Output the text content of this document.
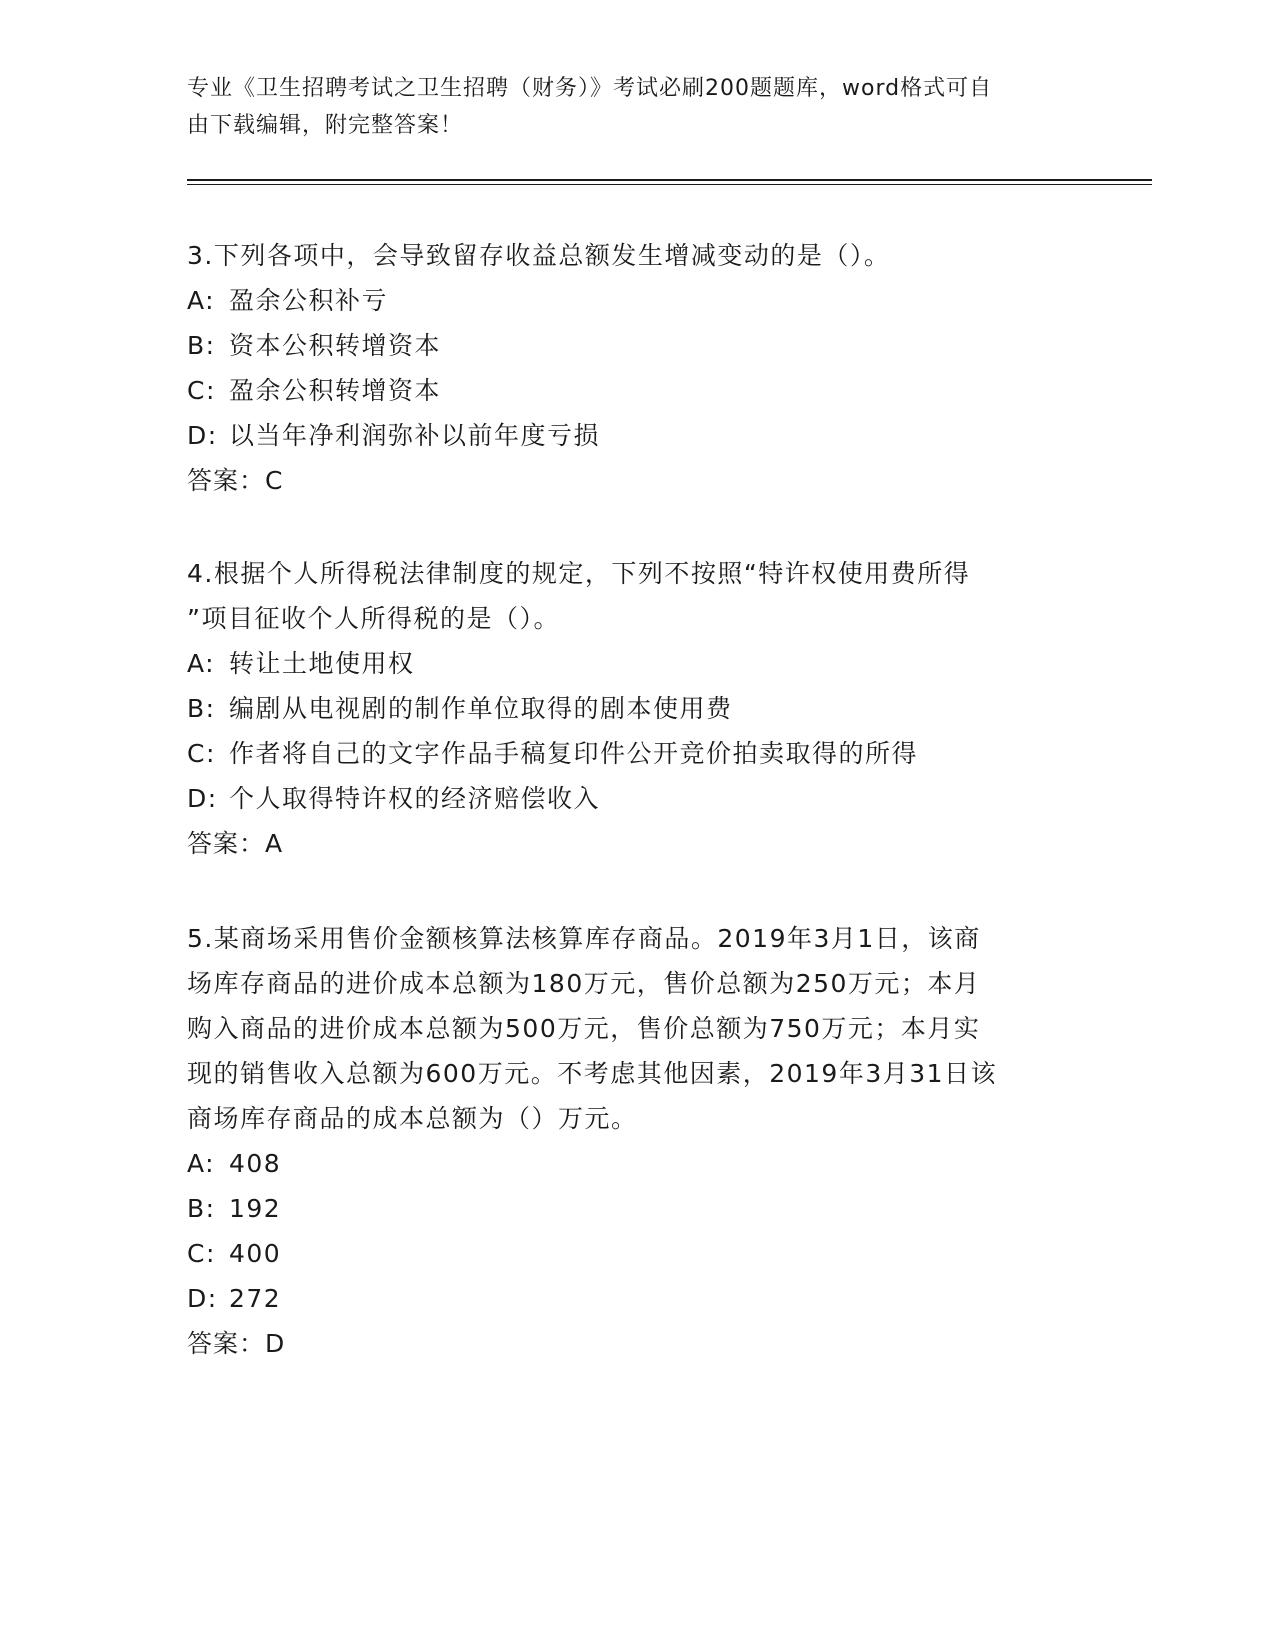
专业《卫生招聘考试之卫生招聘（财务）》考试必刷200题题库，word格式可自
由下载编辑，附完整答案！

3.下列各项中，会导致留存收益总额发生增减变动的是（）。

A: 盈余公积补亏

B: 资本公积转增资本

C: 盈余公积转增资本

D: 以当年净利润弥补以前年度亏损

答案：C

4.根据个人所得税法律制度的规定，下列不按照“特许权使用费所得

”项目征收个人所得税的是（）。

A: 转让土地使用权

B: 编剧从电视剧的制作单位取得的剧本使用费

C: 作者将自己的文字作品手稿复印件公开竞价拍卖取得的所得

D: 个人取得特许权的经济赔偿收入

答案：A

5.某商场采用售价金额核算法核算库存商品。2019年3月1日，该商

场库存商品的进价成本总额为180万元，售价总额为250万元；本月

购入商品的进价成本总额为500万元，售价总额为750万元；本月实

现的销售收入总额为600万元。不考虑其他因素，2019年3月31日该

商场库存商品的成本总额为（）万元。

A: 408

B: 192

C: 400

D: 272

答案：D
